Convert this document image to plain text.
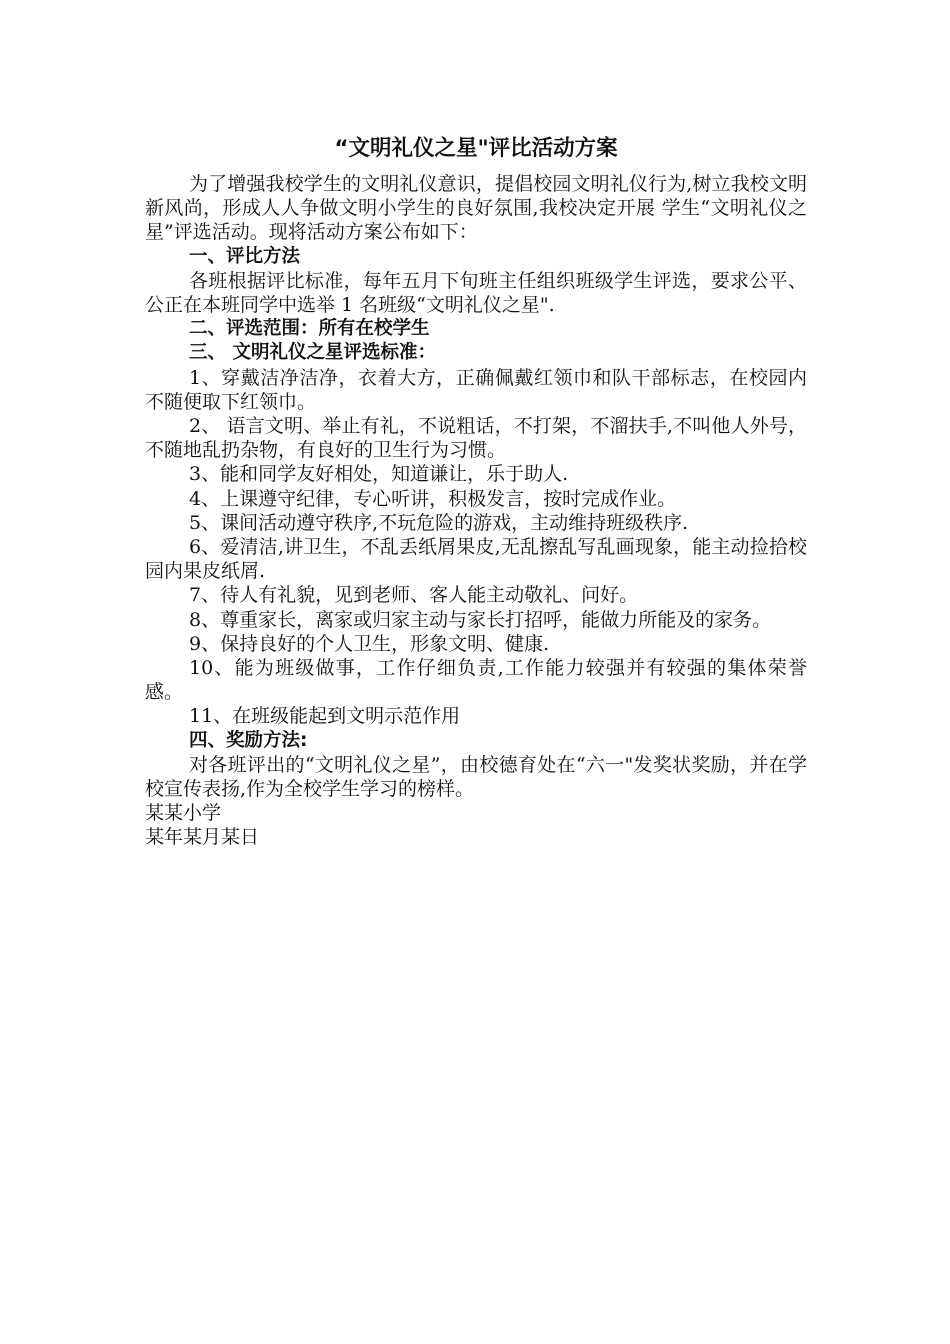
“文明礼仪之星"评比活动方案

为了增强我校学生的文明礼仪意识，提倡校园文明礼仪行为,树立我校文明新风尚，形成人人争做文明小学生的良好氛围,我校决定开展 学生“文明礼仪之星”评选活动。现将活动方案公布如下：

一、评比方法

各班根据评比标准，每年五月下旬班主任组织班级学生评选，要求公平、公正在本班同学中选举 1 名班级“文明礼仪之星".

二、评选范围：所有在校学生

三、 文明礼仪之星评选标准：

1、穿戴洁净洁净，衣着大方，正确佩戴红领巾和队干部标志，在校园内不随便取下红领巾。

2、 语言文明、举止有礼，不说粗话，不打架，不溜扶手,不叫他人外号，不随地乱扔杂物，有良好的卫生行为习惯。

3、能和同学友好相处，知道谦让，乐于助人.

4、上课遵守纪律，专心听讲，积极发言，按时完成作业。

5、课间活动遵守秩序,不玩危险的游戏，主动维持班级秩序.

6、爱清洁,讲卫生，不乱丢纸屑果皮,无乱擦乱写乱画现象，能主动捡拾校园内果皮纸屑.

7、待人有礼貌，见到老师、客人能主动敬礼、问好。

8、尊重家长，离家或归家主动与家长打招呼，能做力所能及的家务。

9、保持良好的个人卫生，形象文明、健康.

10、能为班级做事，工作仔细负责,工作能力较强并有较强的集体荣誉感。

11、在班级能起到文明示范作用

四、奖励方法:

对各班评出的“文明礼仪之星”，由校德育处在“六一"发奖状奖励，并在学校宣传表扬,作为全校学生学习的榜样。

某某小学

某年某月某日
